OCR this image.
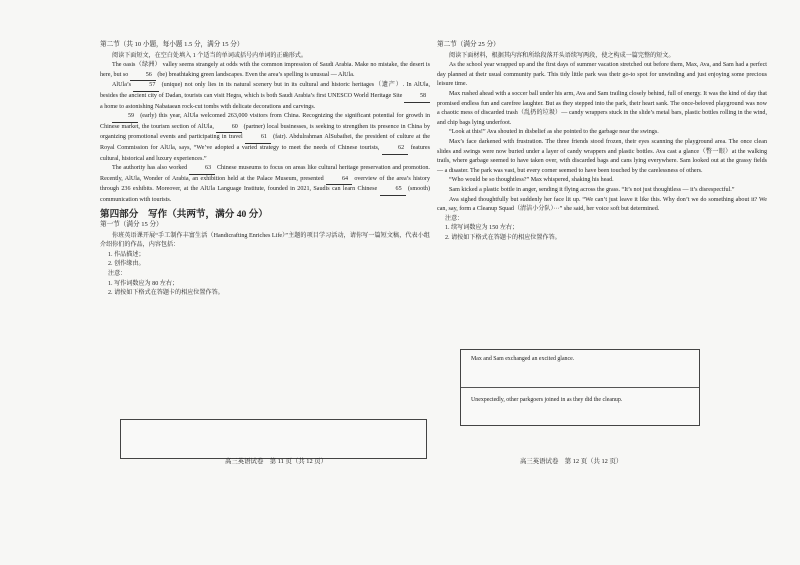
第二节（共 10 小题，每小题 1.5 分，满分 15 分）

阅读下面短文，在空白处填入 1 个适当的单词或括号内单词的正确形式。

The oasis（绿洲） valley seems strangely at odds with the common impression of Saudi Arabia. Make no mistake, the desert is here, but so	56 (be) breathtaking green landscapes. Even the area’s spelling is unusual — AlUla.

AlUla’s	57 (unique) not only lies in its natural scenery but in its cultural and historic heritages（遗产）. In AlUla, besides the ancient city of Dadan, tourists can visit Hegra, which is both Saudi Arabia’s first UNESCO World Heritage Site	58 a home to astonishing Nabataean rock-cut tombs with delicate decorations and carvings.

59 (early) this year, AlUla welcomed 263,000 visitors from China. Recognizing the significant potential for growth in Chinese market, the tourism section of AlUla,	60 (partner) local businesses, is seeking to strengthen its presence in China by organizing promotional events and participating in travel	61 (fair). Abdulrahman AlSubaihei, the president of culture at the Royal Commission for AlUla, says, “We’ve adopted a varied strategy to meet the needs of Chinese tourists,	62 features cultural, historical and luxury experiences.”

The authority has also worked	63 Chinese museums to focus on areas like cultural heritage preservation and promotion. Recently, AlUla, Wonder of Arabia, an exhibition held at the Palace Museum, presented	64 overview of the area’s history through 236 exhibits. Moreover, at the AlUla Language Institute, founded in 2021, Saudis can learn Chinese	65 (smooth) communication with tourists.

第四部分　写作（共两节，满分 40 分）
第一节（满分 15 分）

你班英语课开展“手工制作丰富生活（Handicrafting Enriches Life）”主题的项目学习活动，请你写一篇短文稿，代表小组介绍你们的作品，内容包括：

1. 作品描述；

2. 创作缘由。

注意：

1. 写作词数应为 80 左右；

2. 请按如下格式在答题卡的相应位置作答。

高三英语试卷　第 11 页（共 12 页）
第二节（满分 25 分）

阅读下面材料，根据其内容和所给段落开头语续写两段，使之构成一篇完整的短文。

As the school year wrapped up and the first days of summer vacation stretched out before them, Max, Ava, and Sam had a perfect day planned at their usual community park. This tidy little park was their go-to spot for unwinding and just enjoying some precious leisure time.

Max rushed ahead with a soccer ball under his arm, Ava and Sam trailing closely behind, full of energy. It was the kind of day that promised endless fun and carefree laughter. But as they stepped into the park, their heart sank. The once-beloved playground was now a chaotic mess of discarded trash（乱扔的垃圾）— candy wrappers stuck in the slide’s metal bars, plastic bottles rolling in the wind, and chip bags lying underfoot.

“Look at this!” Ava shouted in disbelief as she pointed to the garbage near the swings.

Max’s face darkened with frustration. The three friends stood frozen, their eyes scanning the playground area. The once clean slides and swings were now buried under a layer of candy wrappers and plastic bottles. Ava cast a glance（瞥一眼）at the walking trails, where garbage seemed to have taken over, with discarded bags and cans lying everywhere. Sam looked out at the grassy fields — a disaster. The park was vast, but every corner seemed to have been touched by the carelessness of others.

“Who would be so thoughtless?” Max whispered, shaking his head.

Sam kicked a plastic bottle in anger, sending it flying across the grass. “It’s not just thoughtless — it’s disrespectful.”

Ava sighed thoughtfully but suddenly her face lit up. “We can’t just leave it like this. Why don’t we do something about it? We can, say, form a Cleanup Squad（清洁小分队）···” she said, her voice soft but determined.

注意：

1. 续写词数应为 150 左右；

2. 请按如下格式在答题卡的相应位置作答。

Max and Sam exchanged an excited glance.
Unexpectedly, other parkgoers joined in as they did the cleanup.
高三英语试卷　第 12 页（共 12 页）
